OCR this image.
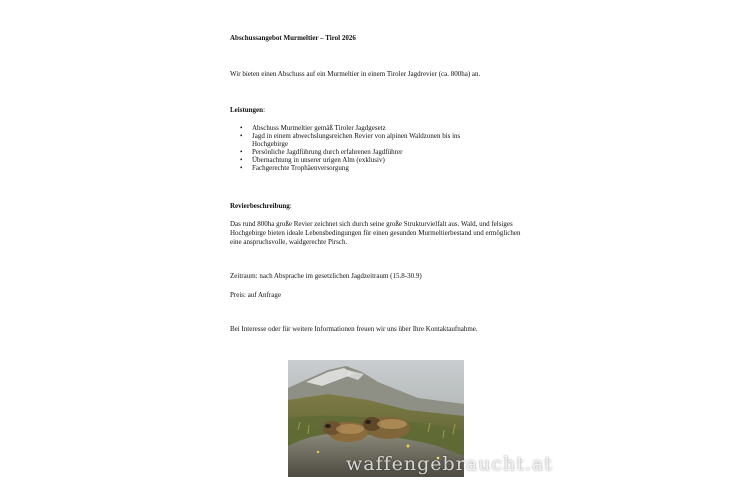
Abschussangebot Murmeltier – Tirol 2026
Wir bieten einen Abschuss auf ein Murmeltier in einem Tiroler Jagdrevier (ca. 800ha) an.
Leistungen:
• Abschuss Murmeltier gemäß Tiroler Jagdgesetz
• Jagd in einem abwechslungsreichen Revier von alpinen Waldzonen bis ins Hochgebirge
• Persönliche Jagdführung durch erfahrenen Jagdführer
• Übernachtung in unserer urigen Alm (exklusiv)
• Fachgerechte Trophäenversorgung
Revierbeschreibung:
Das rund 800ha große Revier zeichnet sich durch seine große Strukturvielfalt aus. Wald, und felsiges Hochgebirge bieten ideale Lebensbedingungen für einen gesunden Murmeltierbestand und ermöglichen eine anspruchsvolle, waidgerechte Pirsch.
Zeitraum: nach Absprache im gesetzlichen Jagdzeitraum (15.8-30.9)
Preis: auf Anfrage
Bei Interesse oder für weitere Informationen freuen wir uns über Ihre Kontaktaufnahme.
waffengebraucht.at
